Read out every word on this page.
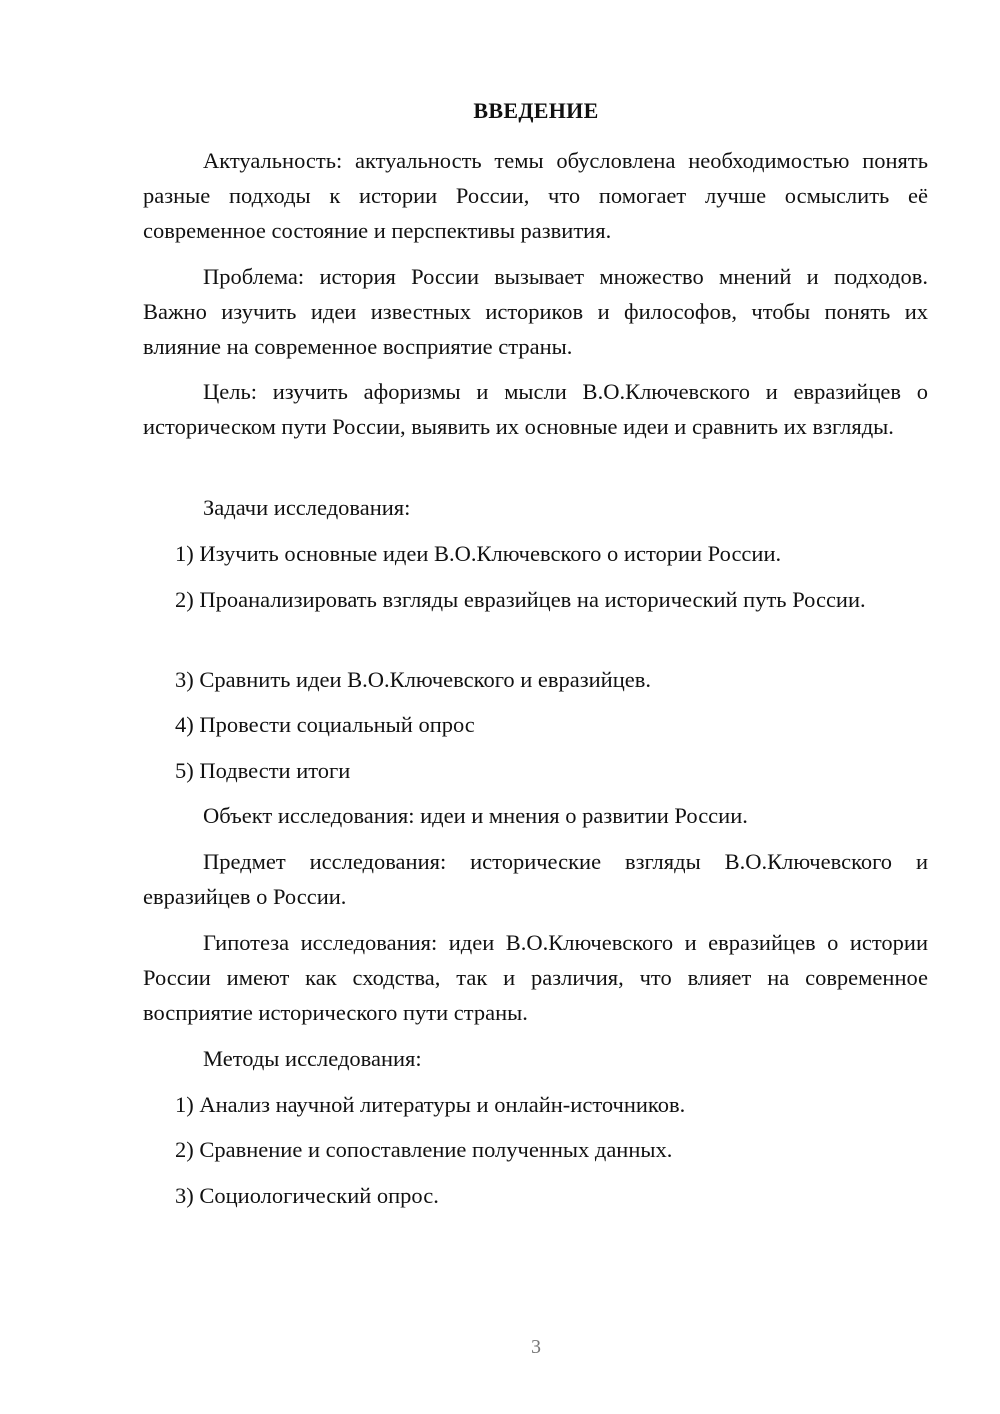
ВВЕДЕНИЕ

Актуальность: актуальность темы обусловлена необходимостью понять разные подходы к истории России, что помогает лучше осмыслить её современное состояние и перспективы развития.

Проблема: история России вызывает множество мнений и подходов. Важно изучить идеи известных историков и философов, чтобы понять их влияние на современное восприятие страны.

Цель: изучить афоризмы и мысли В.О.Ключевского и евразийцев о историческом пути России, выявить их основные идеи и сравнить их взгляды.

Задачи исследования:

1) Изучить основные идеи В.О.Ключевского о истории России.

2) Проанализировать взгляды евразийцев на исторический путь России.

3) Сравнить идеи В.О.Ключевского и евразийцев.

4) Провести социальный опрос

5) Подвести итоги

Объект исследования: идеи и мнения о развитии России.

Предмет исследования: исторические взгляды В.О.Ключевского и евразийцев о России.

Гипотеза исследования: идеи В.О.Ключевского и евразийцев о истории России имеют как сходства, так и различия, что влияет на современное восприятие исторического пути страны.

Методы исследования:

1) Анализ научной литературы и онлайн-источников.

2) Сравнение и сопоставление полученных данных.

3) Социологический опрос.

3
